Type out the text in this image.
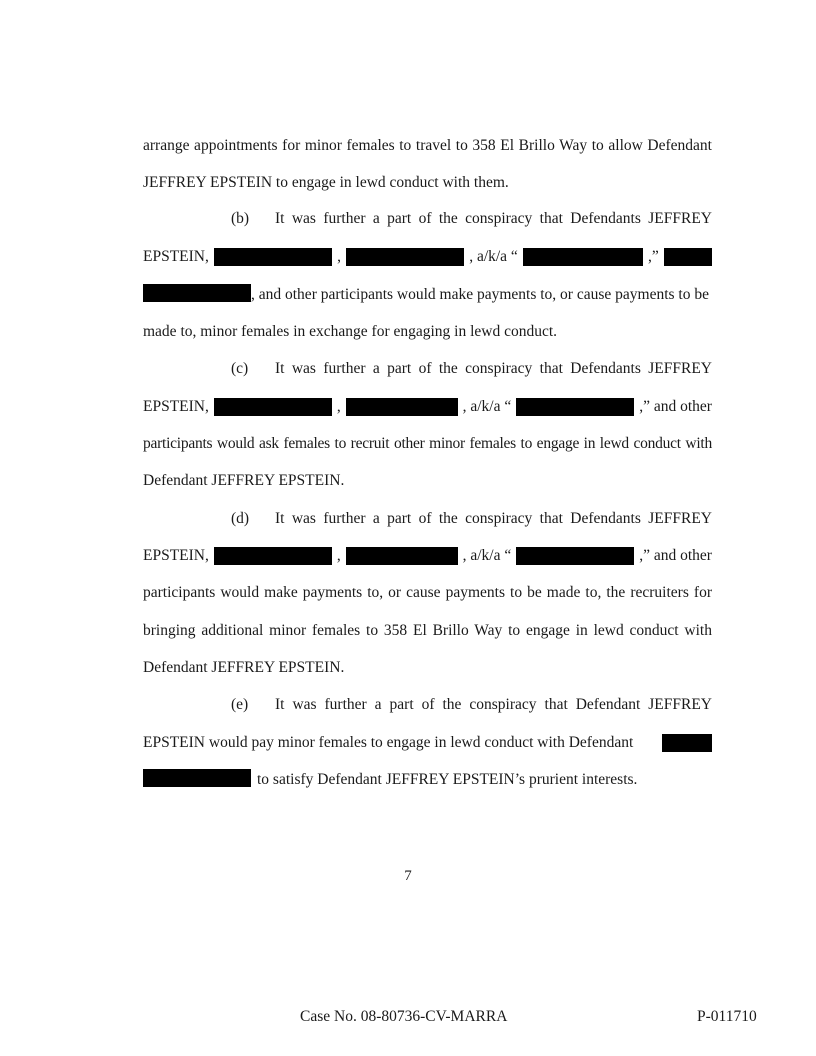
arrange appointments for minor females to travel to 358 El Brillo Way to allow Defendant
JEFFREY EPSTEIN to engage in lewd conduct with them.
(b) It was further a part of the conspiracy that Defendants JEFFREY
EPSTEIN,	,	, a/k/a “	,”
, and other participants would make payments to, or cause payments to be
made to, minor females in exchange for engaging in lewd conduct.
(c) It was further a part of the conspiracy that Defendants JEFFREY
EPSTEIN,	,	, a/k/a “	,” and other
participants would ask females to recruit other minor females to engage in lewd conduct with
Defendant JEFFREY EPSTEIN.
(d) It was further a part of the conspiracy that Defendants JEFFREY
EPSTEIN,	,	, a/k/a “	,” and other
participants would make payments to, or cause payments to be made to, the recruiters for
bringing additional minor females to 358 El Brillo Way to engage in lewd conduct with
Defendant JEFFREY EPSTEIN.
(e) It was further a part of the conspiracy that Defendant JEFFREY
EPSTEIN would pay minor females to engage in lewd conduct with Defendant
to satisfy Defendant JEFFREY EPSTEIN’s prurient interests.
7
Case No. 08-80736-CV-MARRA	P-011710
